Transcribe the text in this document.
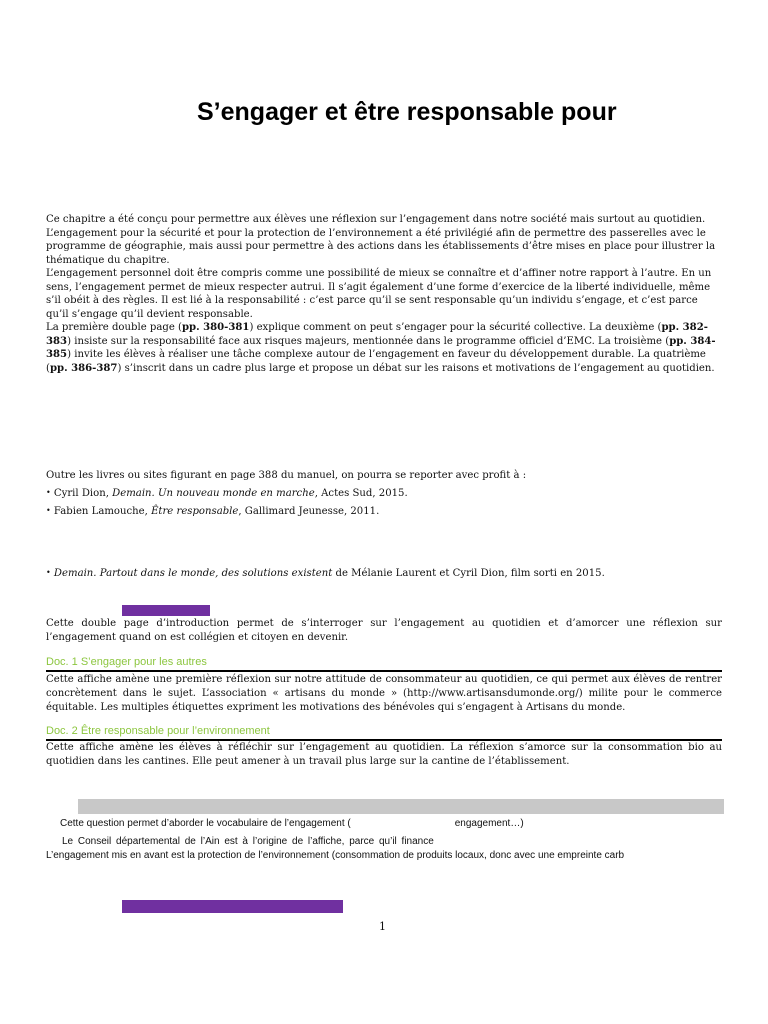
S’engager et être responsable pour

Ce chapitre a été conçu pour permettre aux élèves une réflexion sur l’engagement dans notre société mais surtout au quotidien. L’engagement pour la sécurité et pour la protection de l’environnement a été privilégié afin de permettre des passerelles avec le programme de géographie, mais aussi pour permettre à des actions dans les établissements d’être mises en place pour illustrer la thématique du chapitre.

L’engagement personnel doit être compris comme une possibilité de mieux se connaître et d’affiner notre rapport à l’autre. En un sens, l’engagement permet de mieux respecter autrui. Il s’agit également d’une forme d’exercice de la liberté individuelle, même s’il obéit à des règles. Il est lié à la responsabilité : c’est parce qu’il se sent responsable qu’un individu s’engage, et c’est parce qu’il s’engage qu’il devient responsable.

La première double page (pp. 380-381) explique comment on peut s’engager pour la sécurité collective. La deuxième (pp. 382-383) insiste sur la responsabilité face aux risques majeurs, mentionnée dans le programme officiel d’EMC. La troisième (pp. 384-385) invite les élèves à réaliser une tâche complexe autour de l’engagement en faveur du développement durable. La quatrième (pp. 386-387) s’inscrit dans un cadre plus large et propose un débat sur les raisons et motivations de l’engagement au quotidien.

Outre les livres ou sites figurant en page 388 du manuel, on pourra se reporter avec profit à :

• Cyril Dion, Demain. Un nouveau monde en marche, Actes Sud, 2015.

• Fabien Lamouche, Être responsable, Gallimard Jeunesse, 2011.

• Demain. Partout dans le monde, des solutions existent de Mélanie Laurent et Cyril Dion, film sorti en 2015.

Cette double page d’introduction permet de s’interroger sur l’engagement au quotidien et d’amorcer une réflexion sur l’engagement quand on est collégien et citoyen en devenir.

Doc. 1 S’engager pour les autres

Cette affiche amène une première réflexion sur notre attitude de consommateur au quotidien, ce qui permet aux élèves de rentrer concrètement dans le sujet. L’association « artisans du monde » (http://www.artisansdumonde.org/) milite pour le commerce équitable. Les multiples étiquettes expriment les motivations des bénévoles qui s’engagent à Artisans du monde.

Doc. 2 Être responsable pour l’environnement

Cette affiche amène les élèves à réfléchir sur l’engagement au quotidien. La réflexion s’amorce sur la consommation bio au quotidien dans les cantines. Elle peut amener à un travail plus large sur la cantine de l’établissement.

Cette question permet d’aborder le vocabulaire de l’engagement (	engagement…)
Le Conseil départemental de l’Ain est à l’origine de l’affiche, parce qu’il finance
L’engagement mis en avant est la protection de l’environnement (consommation de produits locaux, donc avec une empreinte carb
1
